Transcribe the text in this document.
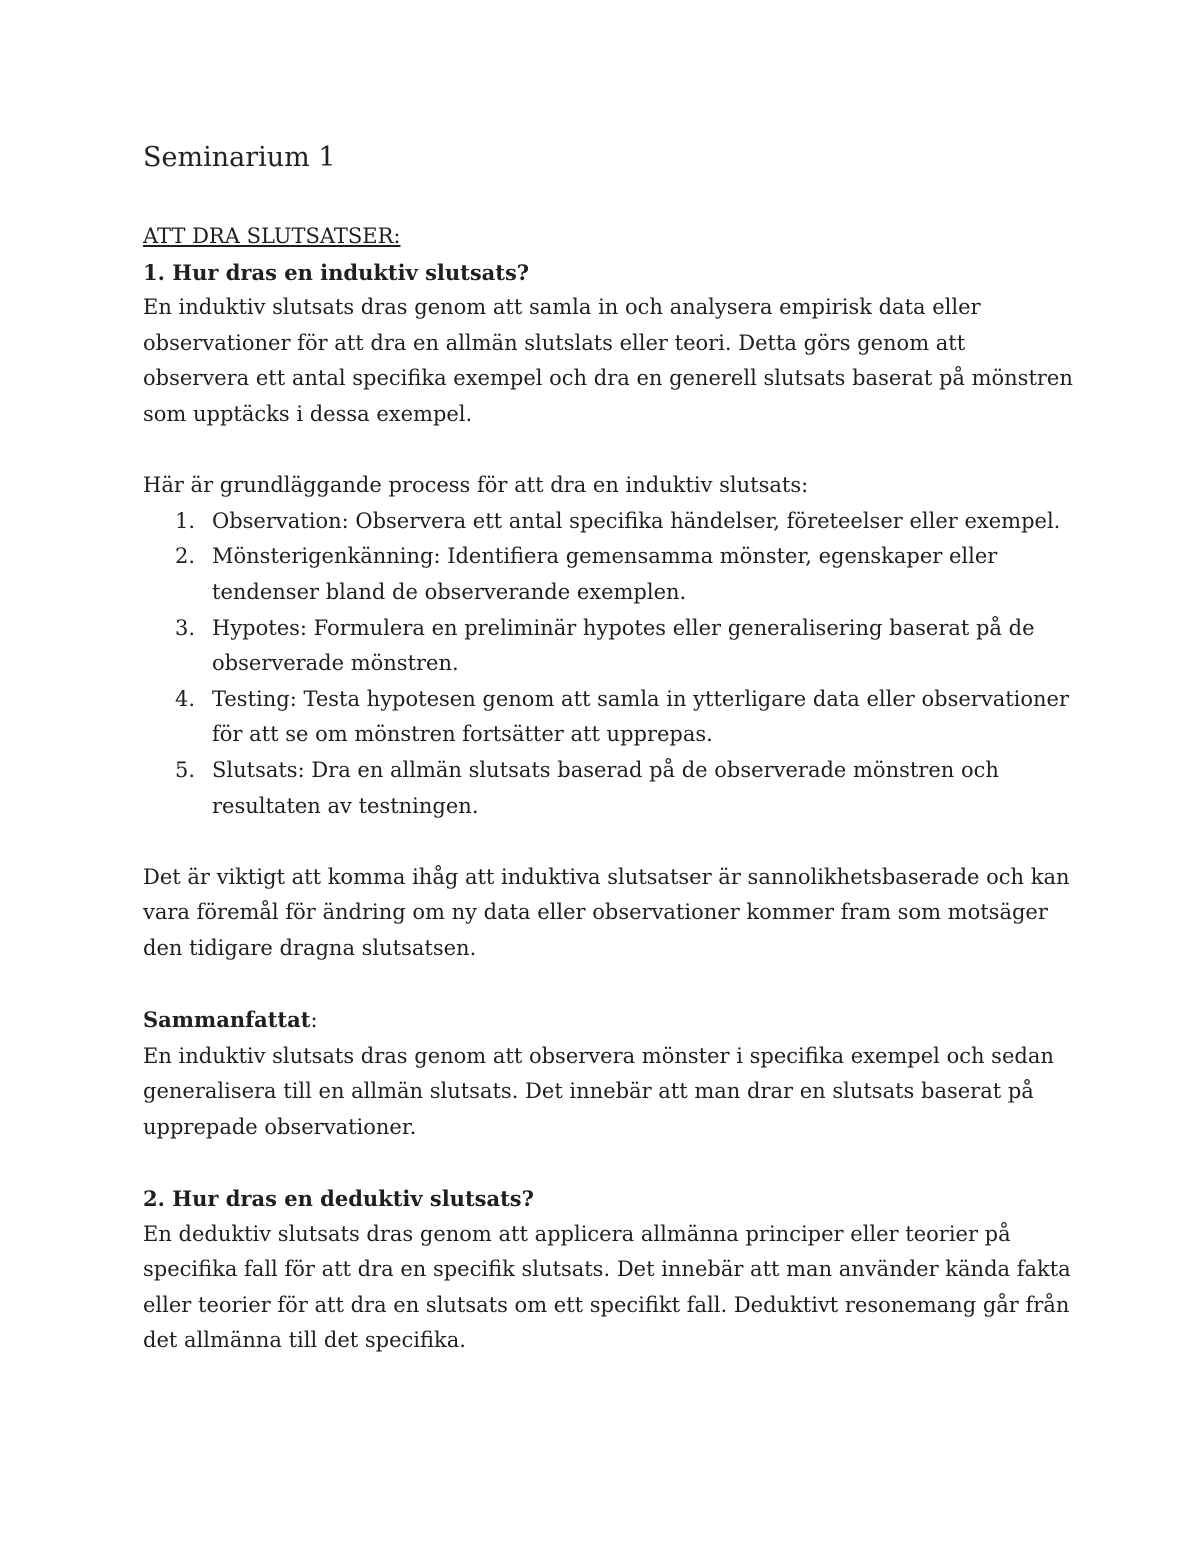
Seminarium 1

ATT DRA SLUTSATSER:

1. Hur dras en induktiv slutsats?

En induktiv slutsats dras genom att samla in och analysera empirisk data eller observationer för att dra en allmän slutslats eller teori. Detta görs genom att observera ett antal specifika exempel och dra en generell slutsats baserat på mönstren som upptäcks i dessa exempel.

Här är grundläggande process för att dra en induktiv slutsats:

1. Observation: Observera ett antal specifika händelser, företeelser eller exempel.
2. Mönsterigenkänning: Identifiera gemensamma mönster, egenskaper eller tendenser bland de observerande exemplen.
3. Hypotes: Formulera en preliminär hypotes eller generalisering baserat på de observerade mönstren.
4. Testing: Testa hypotesen genom att samla in ytterligare data eller observationer för att se om mönstren fortsätter att upprepas.
5. Slutsats: Dra en allmän slutsats baserad på de observerade mönstren och resultaten av testningen.

Det är viktigt att komma ihåg att induktiva slutsatser är sannolikhetsbaserade och kan vara föremål för ändring om ny data eller observationer kommer fram som motsäger den tidigare dragna slutsatsen.

Sammanfattat:

En induktiv slutsats dras genom att observera mönster i specifika exempel och sedan generalisera till en allmän slutsats. Det innebär att man drar en slutsats baserat på upprepade observationer.

2. Hur dras en deduktiv slutsats?

En deduktiv slutsats dras genom att applicera allmänna principer eller teorier på specifika fall för att dra en specifik slutsats. Det innebär att man använder kända fakta eller teorier för att dra en slutsats om ett specifikt fall. Deduktivt resonemang går från det allmänna till det specifika.
